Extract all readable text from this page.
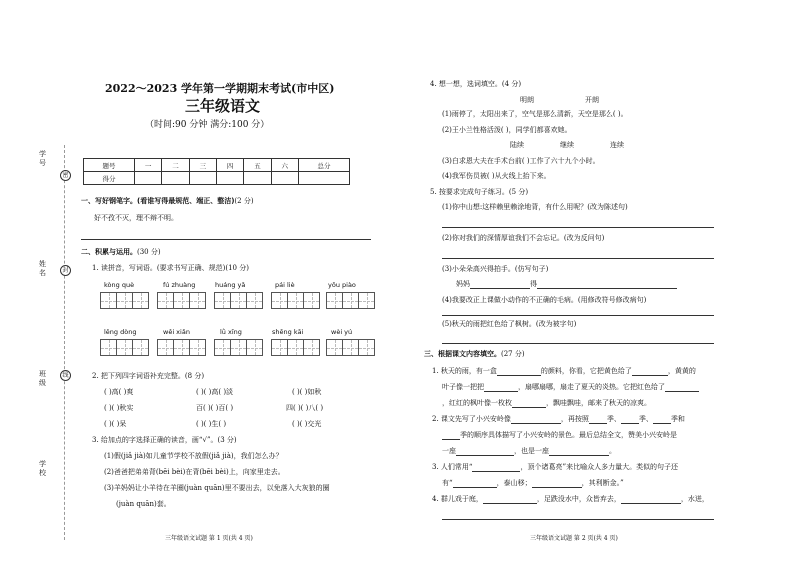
学 号
姓 名
班 级
学 校
密
封
线
2022～2023 学年第一学期期末考试(市中区)
三年级语文
（时间:90 分钟 满分:100 分）
题号	一	二	三	四	五	六	总分
得分							
一、写好钢笔字。(看谁写得最规范、端正、整洁)(2 分)
好不孜不灭，理不辩不明。
二、积累与运用。(30 分)
1. 读拼音，写词语。(要求书写正确、规范)(10 分)
kòng què	fú zhuàng	huáng yǎ	pái liè	yōu piào
lěng dòng	wěi xiǎn	lǜ xīng	shēng kāi	wèi yú
2. 把下列四字词语补充完整。(8 分)
( )高( )爽	( )( )高( )淡	( )( )如秋
( )( )秋实	百( )( )百( )	四( )( )八( )
( )( )呆	( )( )生( )	( )( )交光
3. 给加点的字选择正确的读音，画“√”。(3 分)
(1)假(jiǎ jià)如儿童节学校不放假(jiǎ jià)，我们怎么办？
(2)爸爸把弟弟背(bēi bèi)在背(bēi bèi)上，向家里走去。
(3)羊妈妈让小羊待在羊圈(juàn quān)里不要出去，以免落入大灰狼的圈
(juàn quān)套。
三年级语文试题 第 1 页(共 4 页)
4. 想一想，选词填空。(4 分)
明朗	开朗
(1)雨停了，太阳出来了，空气是那么清新，天空是那么( )。
(2)王小兰性格活泼( )，同学们都喜欢她。
陆续	继续	连续
(3)白求恩大夫在手术台前( )工作了六十九个小时。
(4)我军伤员被( )从火线上抬下来。
5. 按要求完成句子练习。(5 分)
(1)你中山想:这样赖里赖涂地背，有什么用呢？(改为陈述句)
(2)你对我们的深情厚谊我们不会忘记。(改为反问句)
(3)小朵朵高兴得拍手。(仿写句子)
妈妈	得
(4)我要改正上课做小动作的不正确的毛病。(用修改符号修改病句)
(5)秋天的雨把红色给了枫树。(改为被字句)
三、根据课文内容填空。(27 分)
1. 秋天的雨，有一盒	的颜料，你看，它把黄色给了	，黄黄的
叶子像一把把	，扇哪扇哪，扇走了夏天的炎热。它把红色给了
，红红的枫叶像一枚枚	，飘哇飘哇，邮来了秋天的凉爽。
2. 课文先写了小兴安岭像	，再按照	季、	季、	季和
季的顺序具体描写了小兴安岭的景色。最后总结全文，赞美小兴安岭是
一座	，也是一座	。
3. 人们常用“	，顶个诸葛亮”来比喻众人多力量大。类似的句子还
有“	，泰山移；	，其利断金。”
4. 群儿戏于庭，	，足跌没水中，众皆弃去，	，水迸，
三年级语文试题 第 2 页(共 4 页)
